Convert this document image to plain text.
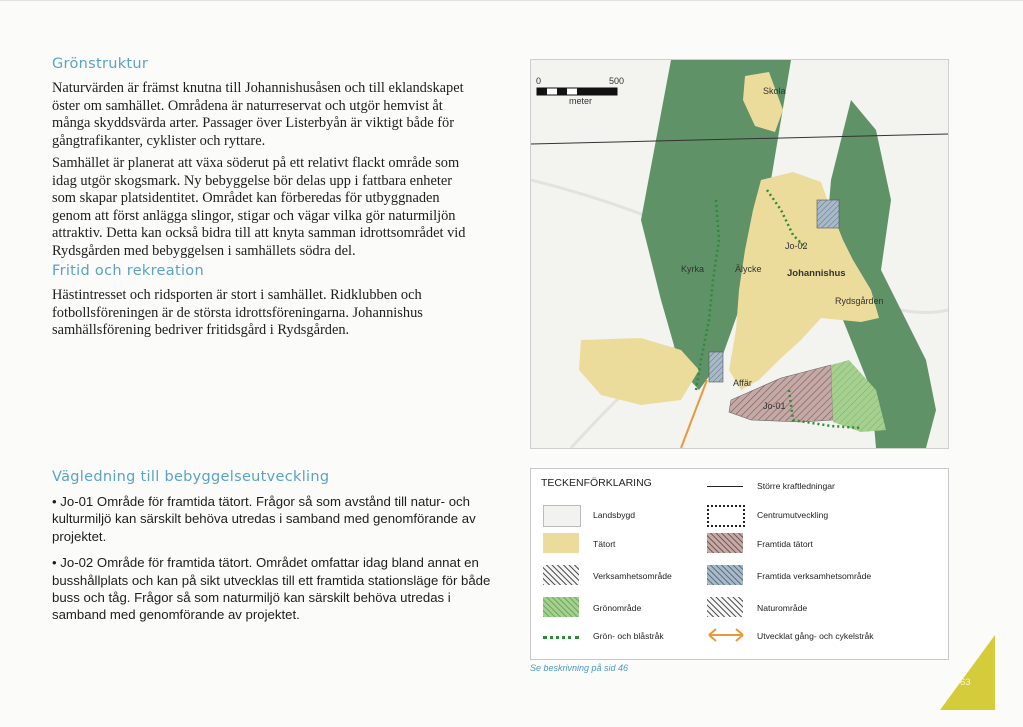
Grönstruktur

Naturvärden är främst knutna till Johannishusåsen och till eklandskapet öster om samhället. Områdena är naturreservat och utgör hemvist åt många skyddsvärda arter. Passager över Listerbyån är viktigt både för gångtrafikanter, cyklister och ryttare.

Samhället är planerat att växa söderut på ett relativt flackt område som idag utgör skogsmark. Ny bebyggelse bör delas upp i fattbara enheter som skapar platsidentitet. Området kan förberedas för utbyggnaden genom att först anlägga slingor, stigar och vägar vilka gör naturmiljön attraktiv. Detta kan också bidra till att knyta samman idrottsområdet vid Rydsgården med bebyggelsen i samhällets södra del.

Fritid och rekreation

Hästintresset och ridsporten är stort i samhället. Ridklubben och fotbollsföreningen är de största idrottsföreningarna. Johannishus samhällsförening bedriver fritidsgård i Rydsgården.

Vägledning till bebyggelseutveckling
• Jo-01 Område för framtida tätort. Frågor så som avstånd till natur- och kulturmiljö kan särskilt behöva utredas i samband med genomförande av projektet.
• Jo-02 Område för framtida tätort. Området omfattar idag bland annat en busshållplats och kan på sikt utvecklas till ett framtida stationsläge för både buss och tåg. Frågor så som naturmiljö kan särskilt behöva utredas i samband med genomförande av projektet.
0	500
meter
Skola
Jo-02
Kyrka	Älycke	Johannishus
Rydsgården
Affär
Jo-01
TECKENFÖRKLARING
Landsbygd
Tätort
Verksamhetsområde
Grönområde
Grön- och blåstråk
Större kraftledningar
Centrumutveckling
Framtida tätort
Framtida verksamhetsområde
Naturområde
Utvecklat gång- och cykelstråk
Se beskrivning på sid 46
63
